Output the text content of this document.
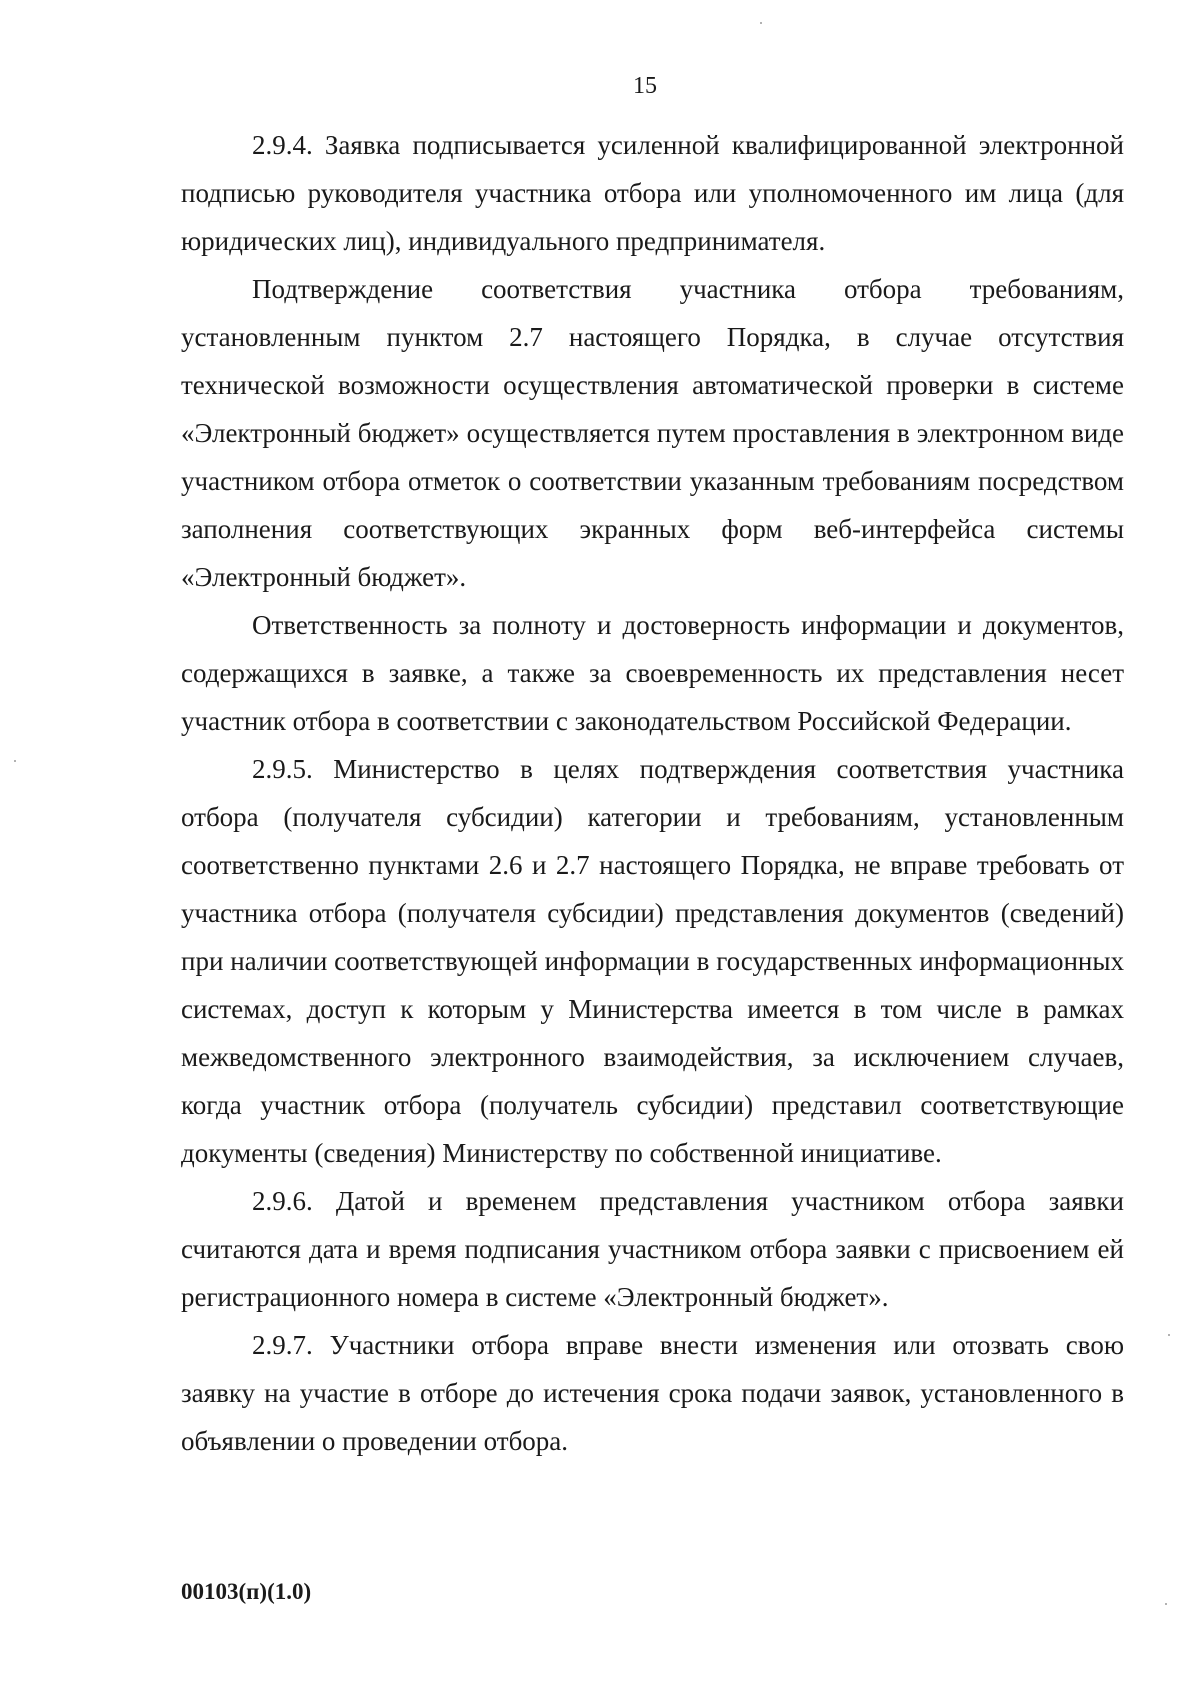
15

2.9.4. Заявка подписывается усиленной квалифицированной электронной подписью руководителя участника отбора или уполномоченного им лица (для юридических лиц), индивидуального предпринимателя.

Подтверждение соответствия участника отбора требованиям, установленным пунктом 2.7 настоящего Порядка, в случае отсутствия технической возможности осуществления автоматической проверки в системе «Электронный бюджет» осуществляется путем проставления в электронном виде участником отбора отметок о соответствии указанным требованиям посредством заполнения соответствующих экранных форм веб-интерфейса системы «Электронный бюджет».

Ответственность за полноту и достоверность информации и документов, содержащихся в заявке, а также за своевременность их представления несет участник отбора в соответствии с законодательством Российской Федерации.

2.9.5. Министерство в целях подтверждения соответствия участника отбора (получателя субсидии) категории и требованиям, установленным соответственно пунктами 2.6 и 2.7 настоящего Порядка, не вправе требовать от участника отбора (получателя субсидии) представления документов (сведений) при наличии соответствующей информации в государственных информационных системах, доступ к которым у Министерства имеется в том числе в рамках межведомственного электронного взаимодействия, за исключением случаев, когда участник отбора (получатель субсидии) представил соответствующие документы (сведения) Министерству по собственной инициативе.

2.9.6. Датой и временем представления участником отбора заявки считаются дата и время подписания участником отбора заявки с присвоением ей регистрационного номера в системе «Электронный бюджет».

2.9.7. Участники отбора вправе внести изменения или отозвать свою заявку на участие в отборе до истечения срока подачи заявок, установленного в объявлении о проведении отбора.

00103(п)(1.0)
